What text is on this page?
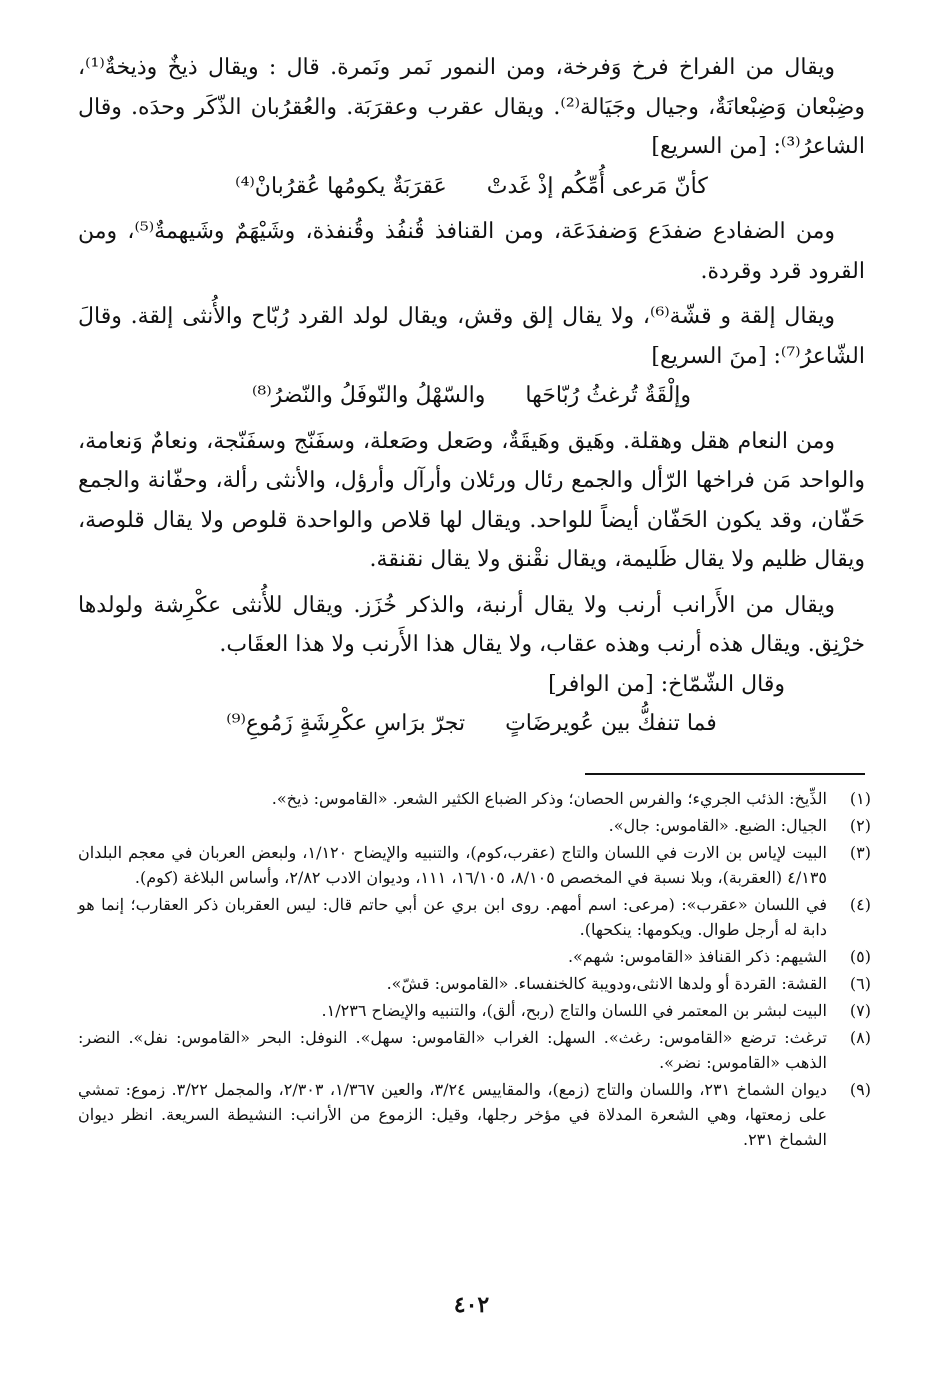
ويقال من الفراخ فرخ وَفرخة، ومن النمور نَمر ونَمرة. قال : ويقال ذيخٌ وذيخةٌ⁽¹⁾، وضِبْعان وَضِبْعانَةٌ، وجيال وجَيَالة⁽²⁾. ويقال عقرب وعقرَبَة. والعُقرُبان الذّكَر وحدَه. وقال الشاعرُ⁽³⁾: [من السريع]

كأنّ مَرعى أُمِّكُم إذْ غَدتْ
عَقرَبَةٌ يكومُها عُقرُبانْ⁽⁴⁾

ومن الضفادع ضفدَع وَضفدَعَة، ومن القنافذ قُنفُذ وقُنفذة، وشَيْهَمٌ وشَيهمةٌ⁽⁵⁾، ومن القرود قرد وقردة.

ويقال إلقة و قشّة⁽⁶⁾، ولا يقال إلق وقش، ويقال لولد القرد رُبّاح والأُنثى إلقة. وقالَ الشّاعرُ⁽⁷⁾: [منَ السريع]

وإلْقَةٌ تُرغثُ رُبّاحَها
والسّهْلُ والنّوفَلُ والنّضرُ⁽⁸⁾

ومن النعام هقل وهقلة. وهَيق وهَيقَةٌ، وصَعل وصَعلة، وسفَنّج وسفَنّجة، ونعامٌ وَنعامة، والواحد مَن فراخها الرّأل والجمع رئال ورئلان وأرآل وأرؤل، والأنثى رألة، وحفّانة والجمع حَفّان، وقد يكون الحَفّان أيضاً للواحد. ويقال لها قلاص والواحدة قلوص ولا يقال قلوصة، ويقال ظليم ولا يقال ظَليمة، ويقال نقْنق ولا يقال نقنقة.

ويقال من الأَرانب أرنب ولا يقال أرنبة، والذكر خُزَز. ويقال للأُنثى عكْرِشة ولولدها خرْنِق. ويقال هذه أرنب وهذه عقاب، ولا يقال هذا الأَرنب ولا هذا العقَاب.

وقال الشّمّاخ: [من الوافر]

فما تنفكُّ بين عُويرضَاتٍ
تجرّ برَاسِ عكْرِشَةٍ زَمُوعِ⁽⁹⁾
(١)
الذِّيخ: الذئب الجريء؛ والفرس الحصان؛ وذكر الضباع الكثير الشعر. «القاموس: ذيخ».
(٢)
الجيال: الضبع. «القاموس: جال».
(٣)
البيت لإياس بن الارت في اللسان والتاج (عقرب،كوم)، والتنبيه والإيضاح ١/١٢٠، ولبعض العربان في معجم البلدان ٤/١٣٥ (العقربة)، وبلا نسبة في المخصص ٨/١٠٥، ١٦/١٠٥، ١١١، وديوان الادب ٢/٨٢، وأساس البلاغة (كوم).
(٤)
في اللسان «عقرب»: (مرعى: اسم أمهم. روى ابن بري عن أبي حاتم قال: ليس العقربان ذكر العقارب؛ إنما هو دابة له أرجل طوال. ويكومها: ينكحها).
(٥)
الشيهم: ذكر القنافذ «القاموس: شهم».
(٦)
القشة: القردة أو ولدها الانثى،ودويبة كالخنفساء. «القاموس: قشّ».
(٧)
البيت لبشر بن المعتمر في اللسان والتاج (ربح، ألق)، والتنبيه والإيضاح ١/٢٣٦.
(٨)
ترغث: ترضع «القاموس: رغث». السهل: الغراب «القاموس: سهل». النوفل: البحر «القاموس: نفل». النضر: الذهب «القاموس: نضر».
(٩)
ديوان الشماخ ٢٣١، واللسان والتاج (زمع)، والمقاييس ٣/٢٤، والعين ١/٣٦٧، ٢/٣٠٣، والمجمل ٣/٢٢. زموع: تمشي على زمعتها، وهي الشعرة المدلاة في مؤخر رجلها، وقيل: الزموع من الأرانب: النشيطة السريعة. انظر ديوان الشماخ ٢٣١.
٤٠٢
